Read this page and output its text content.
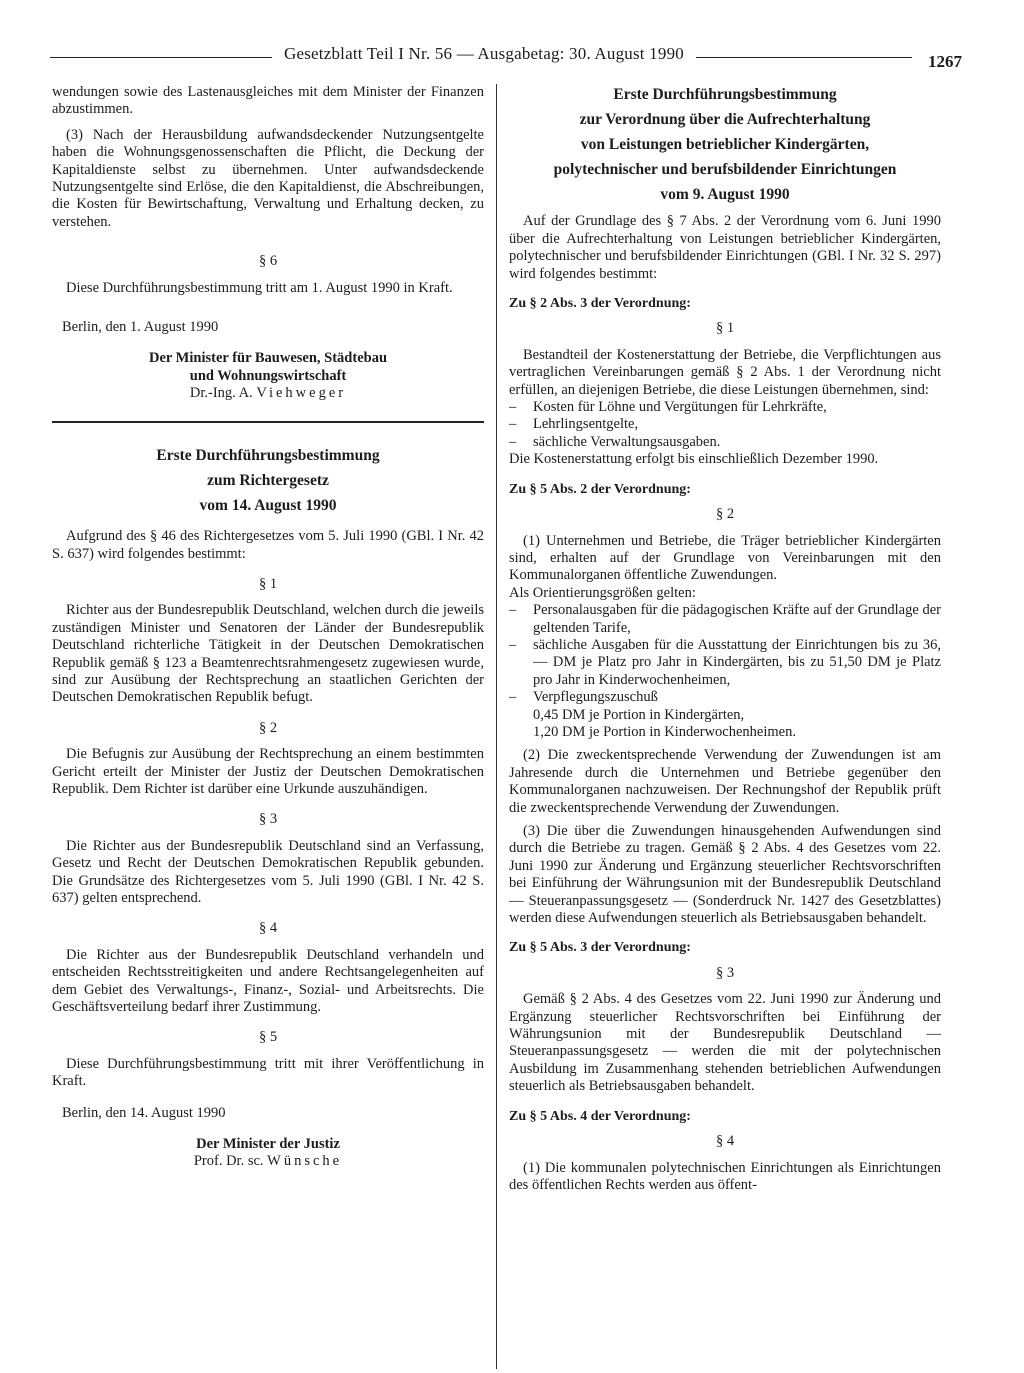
Gesetzblatt Teil I Nr. 56 — Ausgabetag: 30. August 1990	1267

wendungen sowie des Lastenausgleiches mit dem Minister der Finanzen abzustimmen.

(3) Nach der Herausbildung aufwandsdeckender Nutzungsentgelte haben die Wohnungsgenossenschaften die Pflicht, die Deckung der Kapitaldienste selbst zu übernehmen. Unter aufwandsdeckende Nutzungsentgelte sind Erlöse, die den Kapitaldienst, die Abschreibungen, die Kosten für Bewirtschaftung, Verwaltung und Erhaltung decken, zu verstehen.

§ 6

Diese Durchführungsbestimmung tritt am 1. August 1990 in Kraft.

Berlin, den 1. August 1990

Der Minister für Bauwesen, Städtebau

und Wohnungswirtschaft

Dr.-Ing. A. Viehweger

Erste Durchführungsbestimmung

zum Richtergesetz

vom 14. August 1990

Aufgrund des § 46 des Richtergesetzes vom 5. Juli 1990 (GBl. I Nr. 42 S. 637) wird folgendes bestimmt:

§ 1

Richter aus der Bundesrepublik Deutschland, welchen durch die jeweils zuständigen Minister und Senatoren der Länder der Bundesrepublik Deutschland richterliche Tätigkeit in der Deutschen Demokratischen Republik gemäß § 123 a Beamtenrechtsrahmengesetz zugewiesen wurde, sind zur Ausübung der Rechtsprechung an staatlichen Gerichten der Deutschen Demokratischen Republik befugt.

§ 2

Die Befugnis zur Ausübung der Rechtsprechung an einem bestimmten Gericht erteilt der Minister der Justiz der Deutschen Demokratischen Republik. Dem Richter ist darüber eine Urkunde auszuhändigen.

§ 3

Die Richter aus der Bundesrepublik Deutschland sind an Verfassung, Gesetz und Recht der Deutschen Demokratischen Republik gebunden. Die Grundsätze des Richtergesetzes vom 5. Juli 1990 (GBl. I Nr. 42 S. 637) gelten entsprechend.

§ 4

Die Richter aus der Bundesrepublik Deutschland verhandeln und entscheiden Rechtsstreitigkeiten und andere Rechtsangelegenheiten auf dem Gebiet des Verwaltungs-, Finanz-, Sozial- und Arbeitsrechts. Die Geschäftsverteilung bedarf ihrer Zustimmung.

§ 5

Diese Durchführungsbestimmung tritt mit ihrer Veröffentlichung in Kraft.

Berlin, den 14. August 1990

Der Minister der Justiz

Prof. Dr. sc. Wünsche

Erste Durchführungsbestimmung

zur Verordnung über die Aufrechterhaltung

von Leistungen betrieblicher Kindergärten,

polytechnischer und berufsbildender Einrichtungen

vom 9. August 1990

Auf der Grundlage des § 7 Abs. 2 der Verordnung vom 6. Juni 1990 über die Aufrechterhaltung von Leistungen betrieblicher Kindergärten, polytechnischer und berufsbildender Einrichtungen (GBl. I Nr. 32 S. 297) wird folgendes bestimmt:

Zu § 2 Abs. 3 der Verordnung:

§ 1

Bestandteil der Kostenerstattung der Betriebe, die Verpflichtungen aus vertraglichen Vereinbarungen gemäß § 2 Abs. 1 der Verordnung nicht erfüllen, an diejenigen Betriebe, die diese Leistungen übernehmen, sind:

–	Kosten für Löhne und Vergütungen für Lehrkräfte,
–	Lehrlingsentgelte,
–	sächliche Verwaltungsausgaben.

Die Kostenerstattung erfolgt bis einschließlich Dezember 1990.

Zu § 5 Abs. 2 der Verordnung:

§ 2

(1) Unternehmen und Betriebe, die Träger betrieblicher Kindergärten sind, erhalten auf der Grundlage von Vereinbarungen mit den Kommunalorganen öffentliche Zuwendungen.

Als Orientierungsgrößen gelten:

–	Personalausgaben für die pädagogischen Kräfte auf der Grundlage der geltenden Tarife,
–	sächliche Ausgaben für die Ausstattung der Einrichtungen bis zu 36,— DM je Platz pro Jahr in Kindergärten, bis zu 51,50 DM je Platz pro Jahr in Kinderwochenheimen,
–	Verpflegungszuschuß

0,45 DM je Portion in Kindergärten,

1,20 DM je Portion in Kinderwochenheimen.

(2) Die zweckentsprechende Verwendung der Zuwendungen ist am Jahresende durch die Unternehmen und Betriebe gegenüber den Kommunalorganen nachzuweisen. Der Rechnungshof der Republik prüft die zweckentsprechende Verwendung der Zuwendungen.

(3) Die über die Zuwendungen hinausgehenden Aufwendungen sind durch die Betriebe zu tragen. Gemäß § 2 Abs. 4 des Gesetzes vom 22. Juni 1990 zur Änderung und Ergänzung steuerlicher Rechtsvorschriften bei Einführung der Währungsunion mit der Bundesrepublik Deutschland — Steueranpassungsgesetz — (Sonderdruck Nr. 1427 des Gesetzblattes) werden diese Aufwendungen steuerlich als Betriebsausgaben behandelt.

Zu § 5 Abs. 3 der Verordnung:

§ 3

Gemäß § 2 Abs. 4 des Gesetzes vom 22. Juni 1990 zur Änderung und Ergänzung steuerlicher Rechtsvorschriften bei Einführung der Währungsunion mit der Bundesrepublik Deutschland — Steueranpassungsgesetz — werden die mit der polytechnischen Ausbildung im Zusammenhang stehenden betrieblichen Aufwendungen steuerlich als Betriebsausgaben behandelt.

Zu § 5 Abs. 4 der Verordnung:

§ 4

(1) Die kommunalen polytechnischen Einrichtungen als Einrichtungen des öffentlichen Rechts werden aus öffent-
